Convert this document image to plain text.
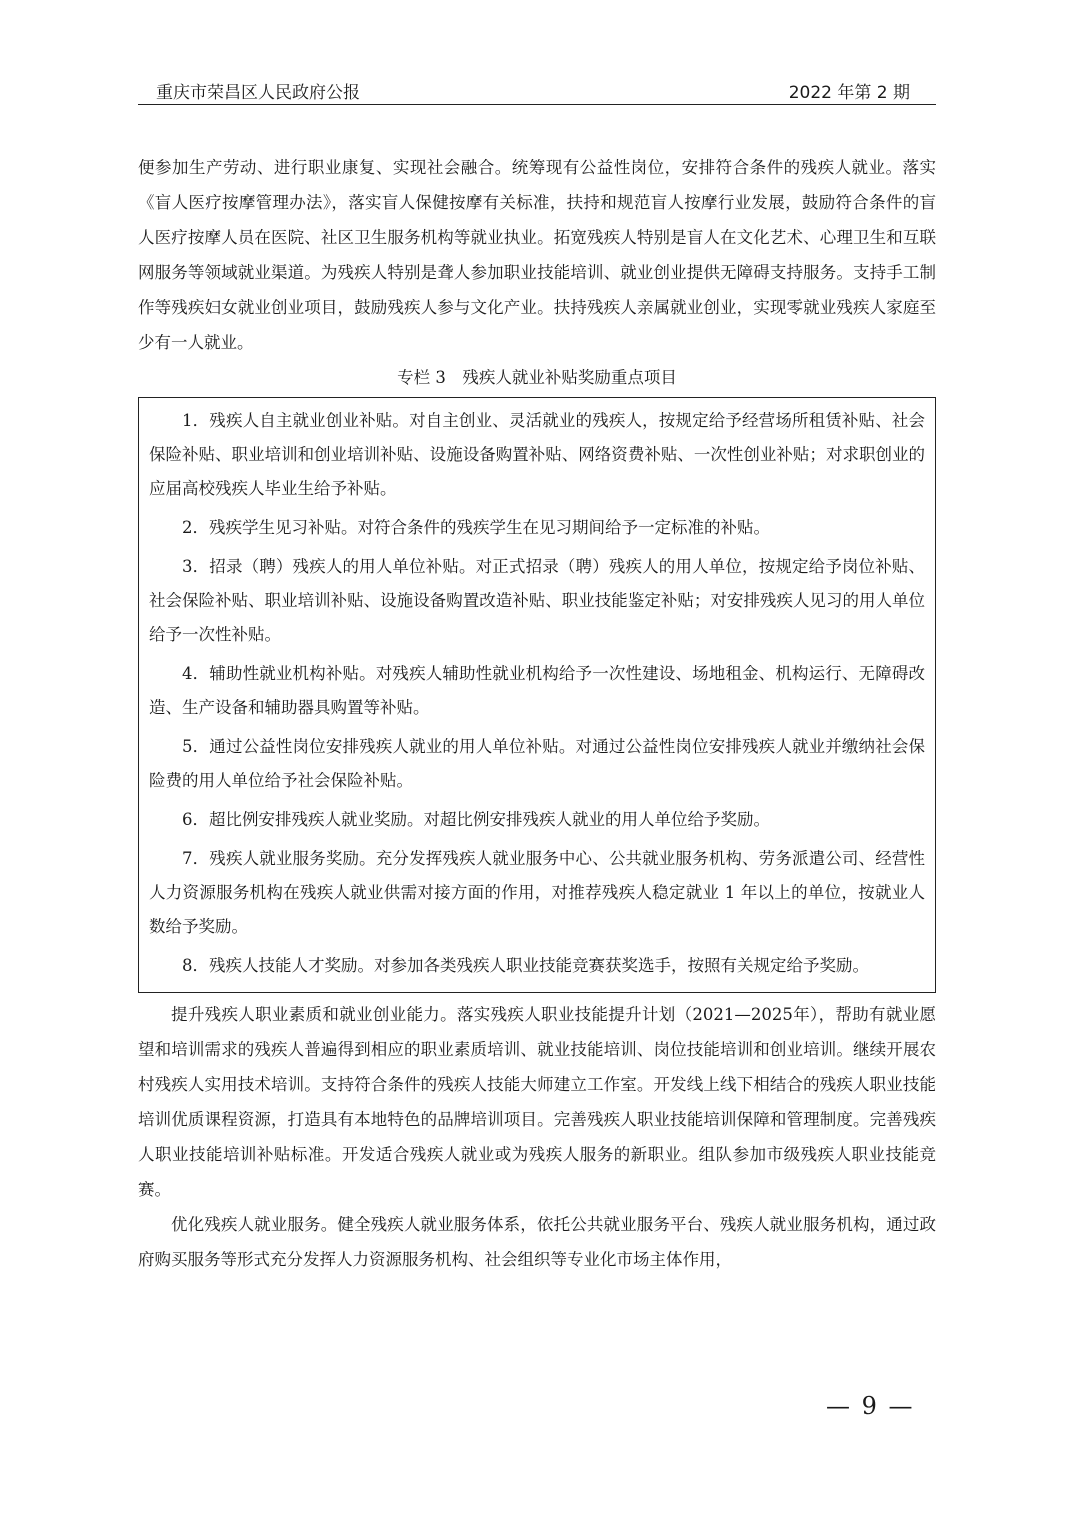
重庆市荣昌区人民政府公报	2022 年第 2 期

便参加生产劳动、进行职业康复、实现社会融合。统筹现有公益性岗位，安排符合条件的残疾人就业。落实《盲人医疗按摩管理办法》，落实盲人保健按摩有关标准，扶持和规范盲人按摩行业发展，鼓励符合条件的盲人医疗按摩人员在医院、社区卫生服务机构等就业执业。拓宽残疾人特别是盲人在文化艺术、心理卫生和互联网服务等领域就业渠道。为残疾人特别是聋人参加职业技能培训、就业创业提供无障碍支持服务。支持手工制作等残疾妇女就业创业项目，鼓励残疾人参与文化产业。扶持残疾人亲属就业创业，实现零就业残疾人家庭至少有一人就业。

专栏 3　残疾人就业补贴奖励重点项目

1．残疾人自主就业创业补贴。对自主创业、灵活就业的残疾人，按规定给予经营场所租赁补贴、社会保险补贴、职业培训和创业培训补贴、设施设备购置补贴、网络资费补贴、一次性创业补贴；对求职创业的应届高校残疾人毕业生给予补贴。

2．残疾学生见习补贴。对符合条件的残疾学生在见习期间给予一定标准的补贴。

3．招录（聘）残疾人的用人单位补贴。对正式招录（聘）残疾人的用人单位，按规定给予岗位补贴、社会保险补贴、职业培训补贴、设施设备购置改造补贴、职业技能鉴定补贴；对安排残疾人见习的用人单位给予一次性补贴。

4．辅助性就业机构补贴。对残疾人辅助性就业机构给予一次性建设、场地租金、机构运行、无障碍改造、生产设备和辅助器具购置等补贴。

5．通过公益性岗位安排残疾人就业的用人单位补贴。对通过公益性岗位安排残疾人就业并缴纳社会保险费的用人单位给予社会保险补贴。

6．超比例安排残疾人就业奖励。对超比例安排残疾人就业的用人单位给予奖励。

7．残疾人就业服务奖励。充分发挥残疾人就业服务中心、公共就业服务机构、劳务派遣公司、经营性人力资源服务机构在残疾人就业供需对接方面的作用，对推荐残疾人稳定就业 1 年以上的单位，按就业人数给予奖励。

8．残疾人技能人才奖励。对参加各类残疾人职业技能竞赛获奖选手，按照有关规定给予奖励。

提升残疾人职业素质和就业创业能力。落实残疾人职业技能提升计划（2021—2025年），帮助有就业愿望和培训需求的残疾人普遍得到相应的职业素质培训、就业技能培训、岗位技能培训和创业培训。继续开展农村残疾人实用技术培训。支持符合条件的残疾人技能大师建立工作室。开发线上线下相结合的残疾人职业技能培训优质课程资源，打造具有本地特色的品牌培训项目。完善残疾人职业技能培训保障和管理制度。完善残疾人职业技能培训补贴标准。开发适合残疾人就业或为残疾人服务的新职业。组队参加市级残疾人职业技能竞赛。

优化残疾人就业服务。健全残疾人就业服务体系，依托公共就业服务平台、残疾人就业服务机构，通过政府购买服务等形式充分发挥人力资源服务机构、社会组织等专业化市场主体作用，

— 9 —
